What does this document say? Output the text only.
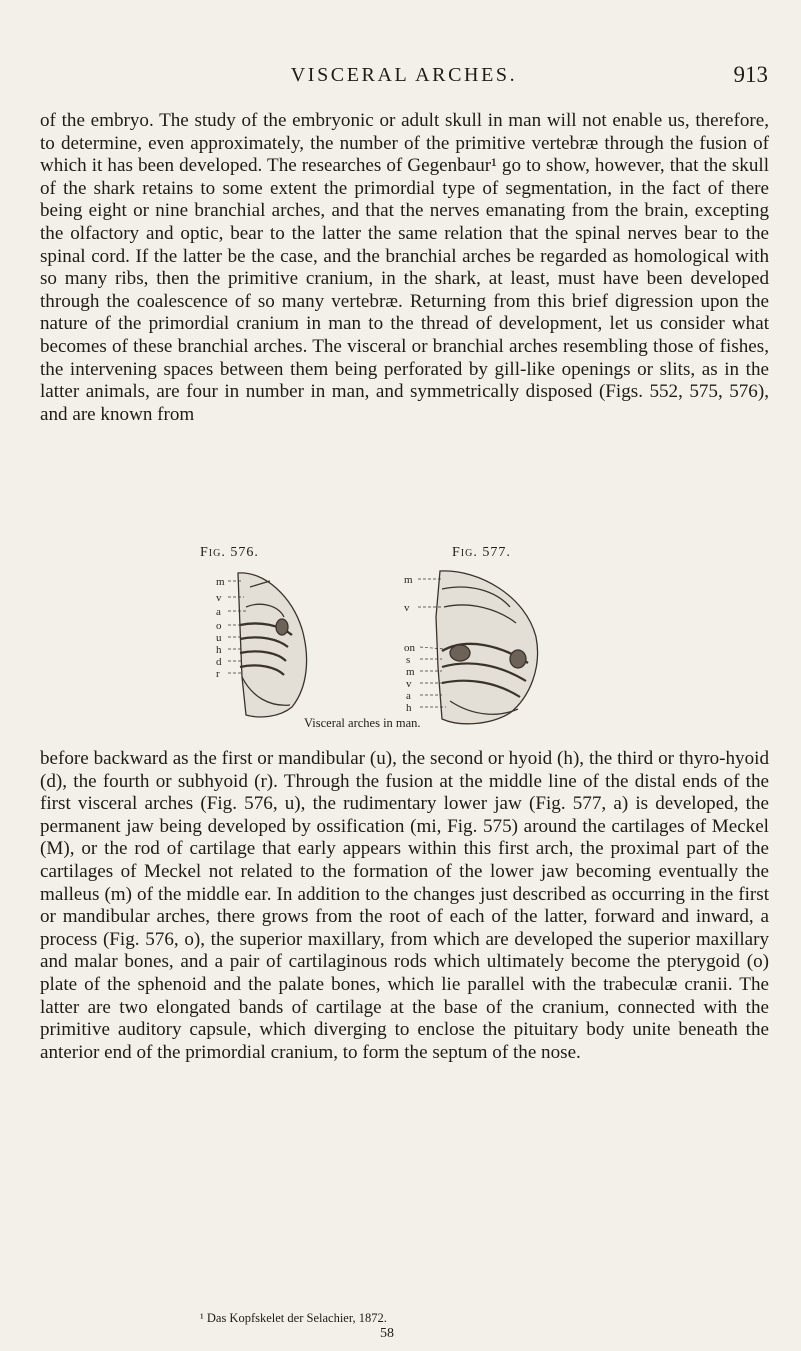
VISCERAL ARCHES.	913

of the embryo. The study of the embryonic or adult skull in man will not enable us, therefore, to determine, even approximately, the number of the primitive vertebræ through the fusion of which it has been developed. The researches of Gegenbaur¹ go to show, however, that the skull of the shark retains to some extent the primordial type of segmentation, in the fact of there being eight or nine branchial arches, and that the nerves emanating from the brain, excepting the olfactory and optic, bear to the latter the same relation that the spinal nerves bear to the spinal cord. If the latter be the case, and the branchial arches be regarded as homological with so many ribs, then the primitive cranium, in the shark, at least, must have been developed through the coalescence of so many vertebræ. Returning from this brief digression upon the nature of the primordial cranium in man to the thread of development, let us consider what becomes of these branchial arches. The visceral or branchial arches resembling those of fishes, the intervening spaces between them being perforated by gill-like openings or slits, as in the latter animals, are four in number in man, and symmetrically disposed (Figs. 552, 575, 576), and are known from

Fig. 576.	Fig. 577.
m
v
a
o
u
h
d
r
m
v
on
s
m
v
a
h
Visceral arches in man.

before backward as the first or mandibular (u), the second or hyoid (h), the third or thyro-hyoid (d), the fourth or subhyoid (r). Through the fusion at the middle line of the distal ends of the first visceral arches (Fig. 576, u), the rudimentary lower jaw (Fig. 577, a) is developed, the permanent jaw being developed by ossification (mi, Fig. 575) around the cartilages of Meckel (M), or the rod of cartilage that early appears within this first arch, the proximal part of the cartilages of Meckel not related to the formation of the lower jaw becoming eventually the malleus (m) of the middle ear. In addition to the changes just described as occurring in the first or mandibular arches, there grows from the root of each of the latter, forward and inward, a process (Fig. 576, o), the superior maxillary, from which are developed the superior maxillary and malar bones, and a pair of cartilaginous rods which ultimately become the pterygoid (o) plate of the sphenoid and the palate bones, which lie parallel with the trabeculæ cranii. The latter are two elongated bands of cartilage at the base of the cranium, connected with the primitive auditory capsule, which diverging to enclose the pituitary body unite beneath the anterior end of the primordial cranium, to form the septum of the nose.

¹ Das Kopfskelet der Selachier, 1872.
58
